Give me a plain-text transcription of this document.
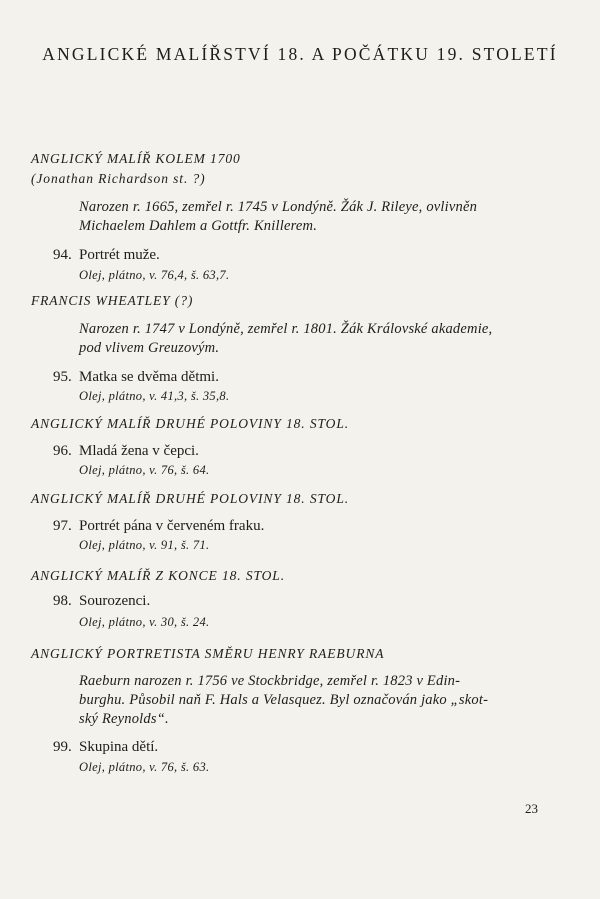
ANGLICKÉ MALÍŘSTVÍ 18. A POČÁTKU 19. STOLETÍ
ANGLICKÝ MALÍŘ KOLEM 1700
(Jonathan Richardson st. ?)
Narozen r. 1665, zemřel r. 1745 v Londýně. Žák J. Rileye, ovlivněn
Michaelem Dahlem a Gottfr. Knillerem.
94. Portrét muže.
Olej, plátno, v. 76,4, š. 63,7.
FRANCIS WHEATLEY (?)
Narozen r. 1747 v Londýně, zemřel r. 1801. Žák Královské akademie,
pod vlivem Greuzovým.
95. Matka se dvěma dětmi.
Olej, plátno, v. 41,3, š. 35,8.
ANGLICKÝ MALÍŘ DRUHÉ POLOVINY 18. STOL.
96. Mladá žena v čepci.
Olej, plátno, v. 76, š. 64.
ANGLICKÝ MALÍŘ DRUHÉ POLOVINY 18. STOL.
97. Portrét pána v červeném fraku.
Olej, plátno, v. 91, š. 71.
ANGLICKÝ MALÍŘ Z KONCE 18. STOL.
98. Sourozenci.
Olej, plátno, v. 30, š. 24.
ANGLICKÝ PORTRETISTA SMĚRU HENRY RAEBURNA
Raeburn narozen r. 1756 ve Stockbridge, zemřel r. 1823 v Edin-
burghu. Působil naň F. Hals a Velasquez. Byl označován jako „skot-
ský Reynolds“.
99. Skupina dětí.
Olej, plátno, v. 76, š. 63.
23
